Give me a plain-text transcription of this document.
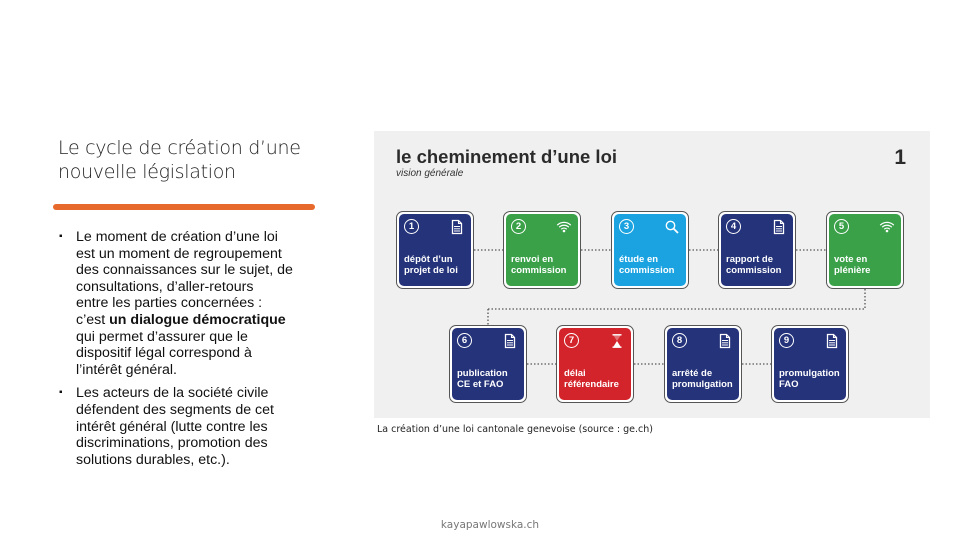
Le cycle de création d’une
nouvelle législation
▪ Le moment de création d’une loi
est un moment de regroupement
des connaissances sur le sujet, de
consultations, d’aller-retours
entre les parties concernées :
c’est un dialogue démocratique
qui permet d’assurer que le
dispositif légal correspond à
l’intérêt général.
▪ Les acteurs de la société civile
défendent des segments de cet
intérêt général (lutte contre les
discriminations, promotion des
solutions durables, etc.).
le cheminement d’une loi
vision générale
1
1
dépôt d’un
projet de loi
2
renvoi en
commission
3
étude en
commission
4
rapport de
commission
5
vote en
plénière
6
publication
CE et FAO
7
délai
référendaire
8
arrêté de
promulgation
9
promulgation
FAO
La création d’une loi cantonale genevoise (source : ge.ch)
kayapawlowska.ch
